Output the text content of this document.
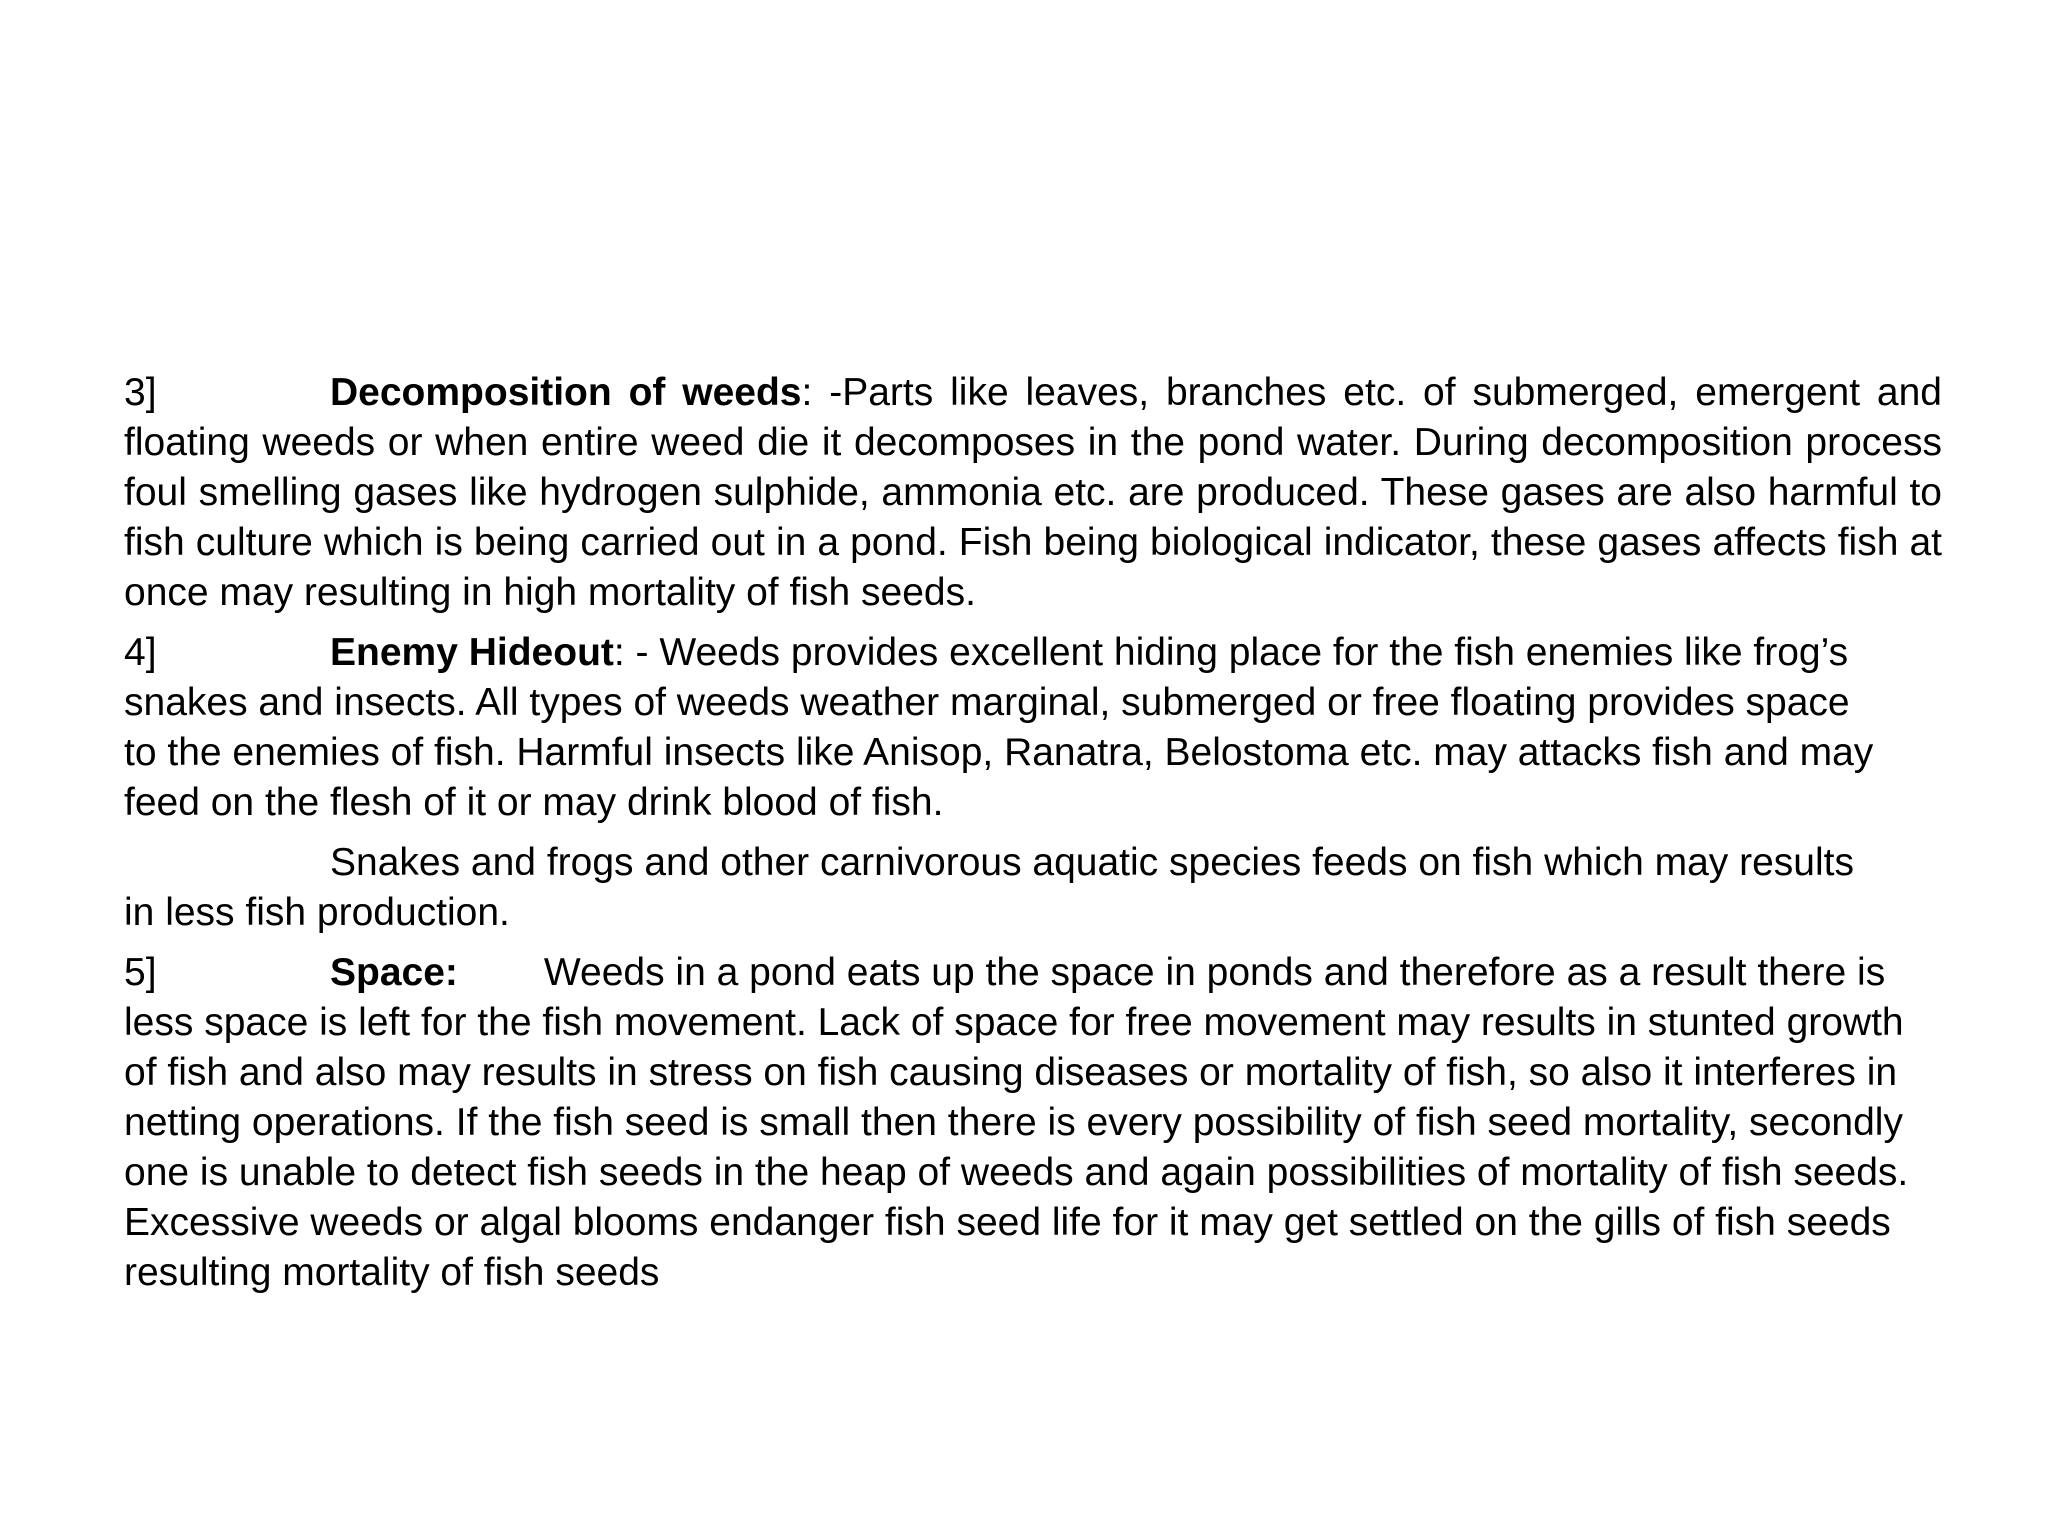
3]	Decomposition of weeds: -Parts like leaves, branches etc. of submerged, emergent and floating weeds or when entire weed die it decomposes in the pond water. During decomposition process foul smelling gases like hydrogen sulphide, ammonia etc. are produced. These gases are also harmful to fish culture which is being carried out in a pond. Fish being biological indicator, these gases affects fish at once may resulting in high mortality of fish seeds.

4]	Enemy Hideout: - Weeds provides excellent hiding place for the fish enemies like frog’s snakes and insects. All types of weeds weather marginal, submerged or free floating provides space to the enemies of fish. Harmful insects like Anisop, Ranatra, Belostoma etc. may attacks fish and may feed on the flesh of it or may drink blood of fish.

Snakes and frogs and other carnivorous aquatic species feeds on fish which may results in less fish production.

5]	Space: Weeds in a pond eats up the space in ponds and therefore as a result there is less space is left for the fish movement. Lack of space for free movement may results in stunted growth of fish and also may results in stress on fish causing diseases or mortality of fish, so also it interferes in netting operations. If the fish seed is small then there is every possibility of fish seed mortality, secondly one is unable to detect fish seeds in the heap of weeds and again possibilities of mortality of fish seeds. Excessive weeds or algal blooms endanger fish seed life for it may get settled on the gills of fish seeds resulting mortality of fish seeds
